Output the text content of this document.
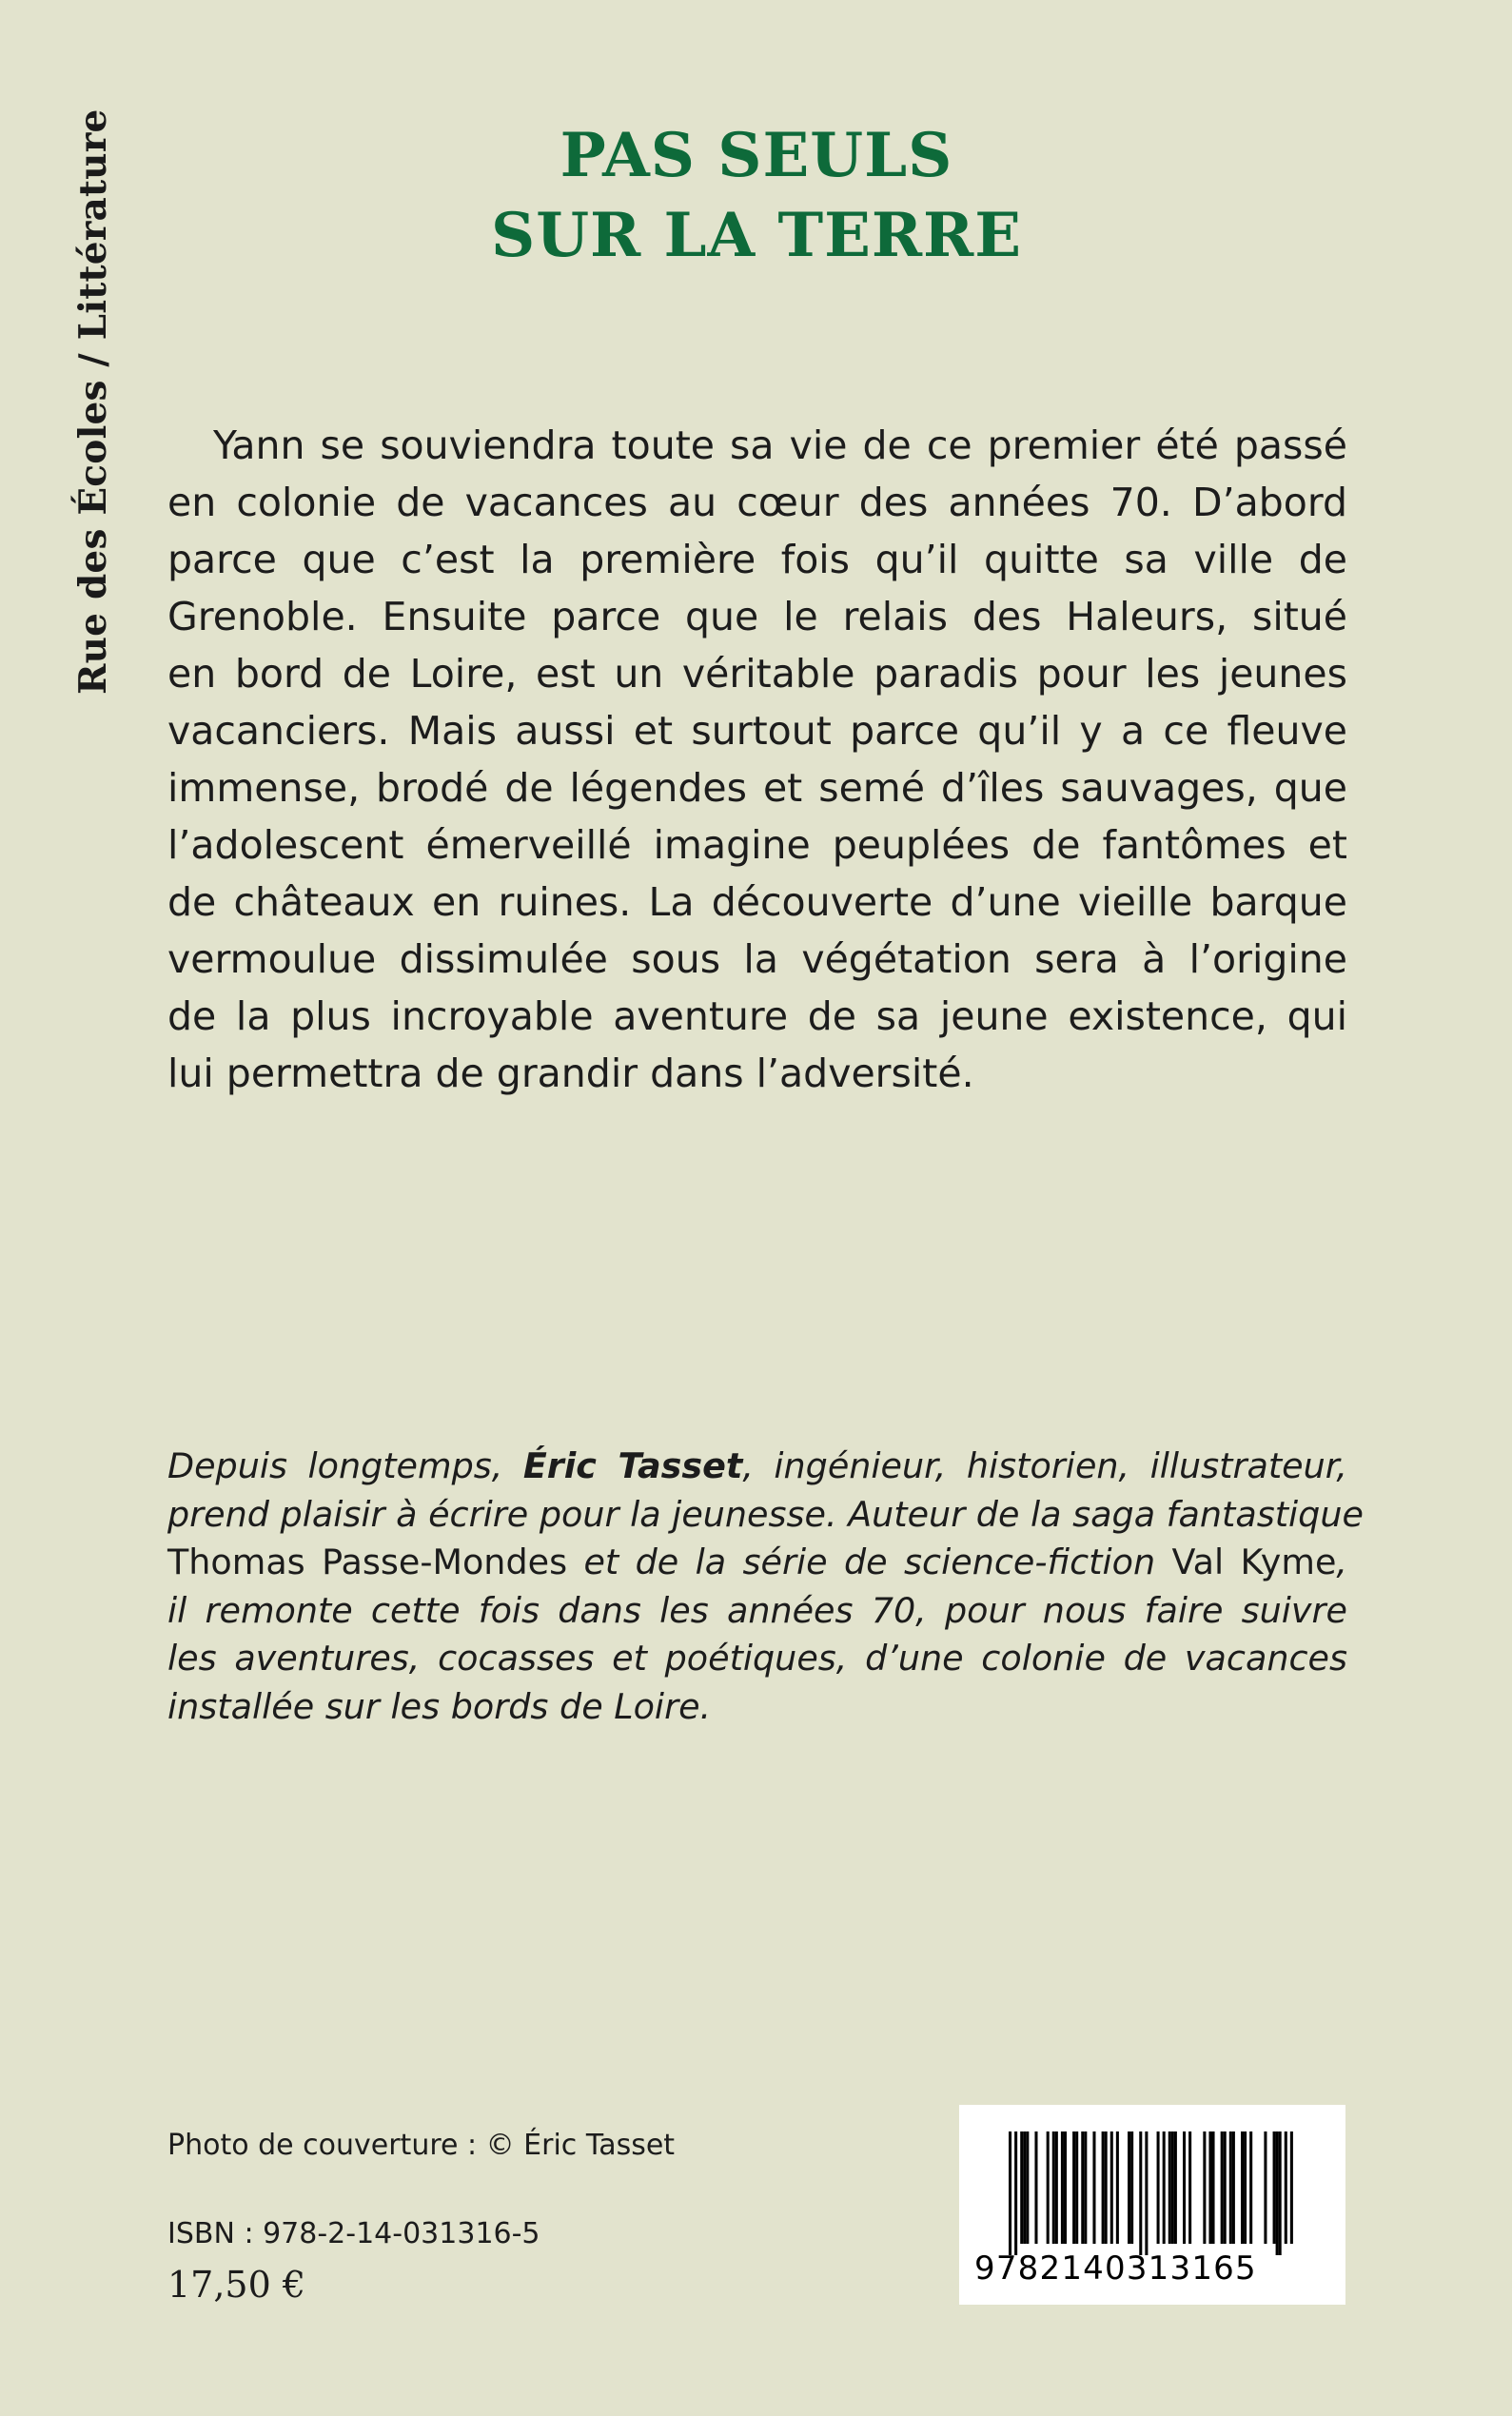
Rue des Écoles / Littérature	PAS SEULS
SUR LA TERRE
Yann se souviendra toute sa vie de ce premier été passé
en colonie de vacances au cœur des années 70. D’abord
parce que c’est la première fois qu’il quitte sa ville de
Grenoble. Ensuite parce que le relais des Haleurs, situé
en bord de Loire, est un véritable paradis pour les jeunes
vacanciers. Mais aussi et surtout parce qu’il y a ce fleuve
immense, brodé de légendes et semé d’îles sauvages, que
l’adolescent émerveillé imagine peuplées de fantômes et
de châteaux en ruines. La découverte d’une vieille barque
vermoulue dissimulée sous la végétation sera à l’origine
de la plus incroyable aventure de sa jeune existence, qui
lui permettra de grandir dans l’adversité.
Depuis longtemps, Éric Tasset, ingénieur, historien, illustrateur,
prend plaisir à écrire pour la jeunesse. Auteur de la saga fantastique
Thomas Passe-Mondes et de la série de science-fiction Val Kyme,
il remonte cette fois dans les années 70, pour nous faire suivre
les aventures, cocasses et poétiques, d’une colonie de vacances
installée sur les bords de Loire.
Photo de couverture : © Éric Tasset
ISBN : 978-2-14-031316-5
17,50 €	9782140313165
